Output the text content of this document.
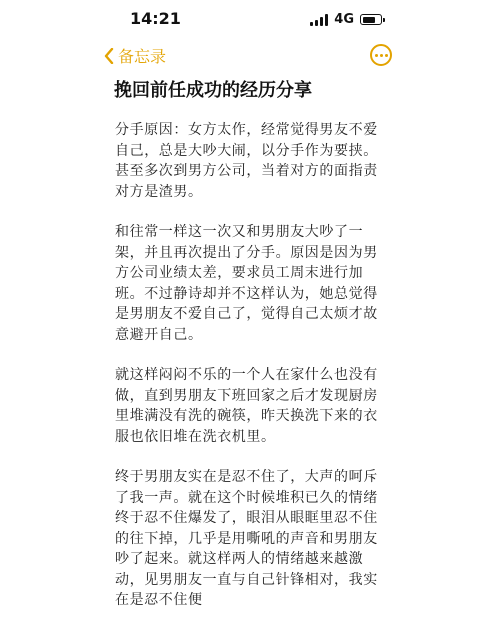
14:21	4G
备忘录
挽回前任成功的经历分享

分手原因：女方太作，经常觉得男友不爱自己，总是大吵大闹，以分手作为要挟。甚至多次到男方公司，当着对方的面指责对方是渣男。

和往常一样这一次又和男朋友大吵了一架，并且再次提出了分手。原因是因为男方公司业绩太差，要求员工周末进行加班。不过静诗却并不这样认为，她总觉得是男朋友不爱自己了，觉得自己太烦才故意避开自己。

就这样闷闷不乐的一个人在家什么也没有做，直到男朋友下班回家之后才发现厨房里堆满没有洗的碗筷，昨天换洗下来的衣服也依旧堆在洗衣机里。

终于男朋友实在是忍不住了，大声的呵斥了我一声。就在这个时候堆积已久的情绪终于忍不住爆发了，眼泪从眼眶里忍不住的往下掉，几乎是用嘶吼的声音和男朋友吵了起来。就这样两人的情绪越来越激动，见男朋友一直与自己针锋相对，我实在是忍不住便
